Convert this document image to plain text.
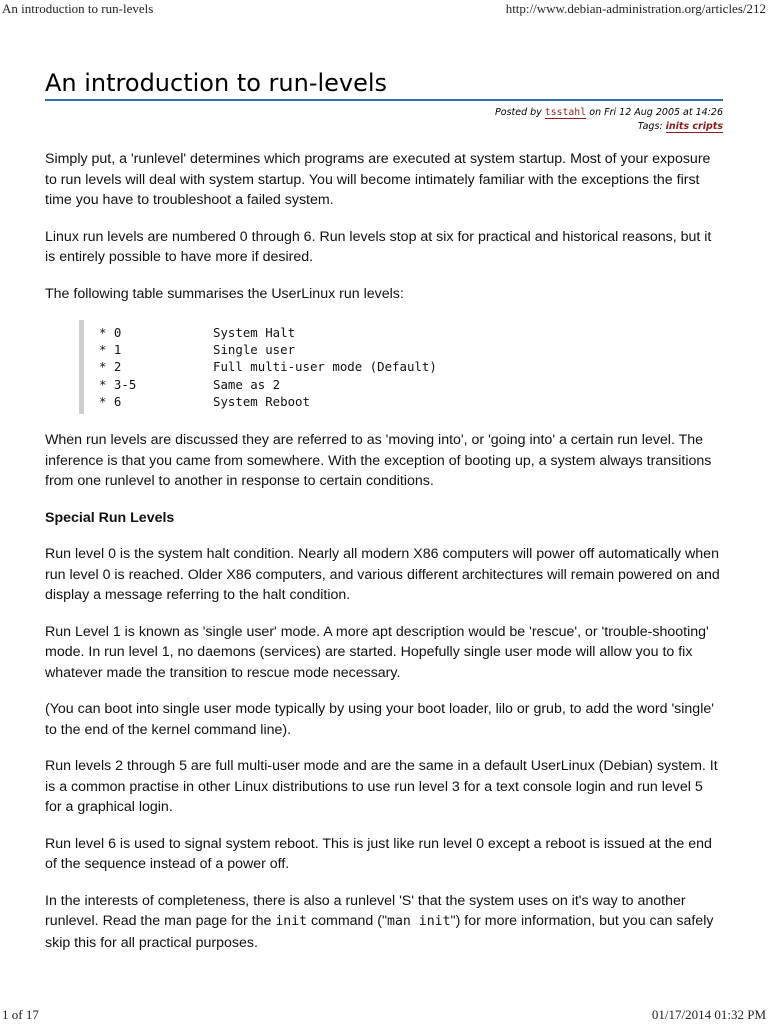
An introduction to run-levels	http://www.debian-administration.org/articles/212
An introduction to run-levels
Posted by tsstahl on Fri 12 Aug 2005 at 14:26
Tags: inits cripts

Simply put, a 'runlevel' determines which programs are executed at system startup. Most of your exposure to run levels will deal with system startup. You will become intimately familiar with the exceptions the first time you have to troubleshoot a failed system.

Linux run levels are numbered 0 through 6. Run levels stop at six for practical and historical reasons, but it is entirely possible to have more if desired.

The following table summarises the UserLinux run levels:

* 0	System Halt
* 1	Single user
* 2	Full multi-user mode (Default)
* 3-5	Same as 2
* 6	System Reboot

When run levels are discussed they are referred to as 'moving into', or 'going into' a certain run level. The inference is that you came from somewhere. With the exception of booting up, a system always transitions from one runlevel to another in response to certain conditions.

Special Run Levels

Run level 0 is the system halt condition. Nearly all modern X86 computers will power off automatically when run level 0 is reached. Older X86 computers, and various different architectures will remain powered on and display a message referring to the halt condition.

Run Level 1 is known as 'single user' mode. A more apt description would be 'rescue', or 'trouble-shooting' mode. In run level 1, no daemons (services) are started. Hopefully single user mode will allow you to fix whatever made the transition to rescue mode necessary.

(You can boot into single user mode typically by using your boot loader, lilo or grub, to add the word 'single' to the end of the kernel command line).

Run levels 2 through 5 are full multi-user mode and are the same in a default UserLinux (Debian) system. It is a common practise in other Linux distributions to use run level 3 for a text console login and run level 5 for a graphical login.

Run level 6 is used to signal system reboot. This is just like run level 0 except a reboot is issued at the end of the sequence instead of a power off.

In the interests of completeness, there is also a runlevel 'S' that the system uses on it's way to another runlevel. Read the man page for the init command ("man init") for more information, but you can safely skip this for all practical purposes.

1 of 17	01/17/2014 01:32 PM
